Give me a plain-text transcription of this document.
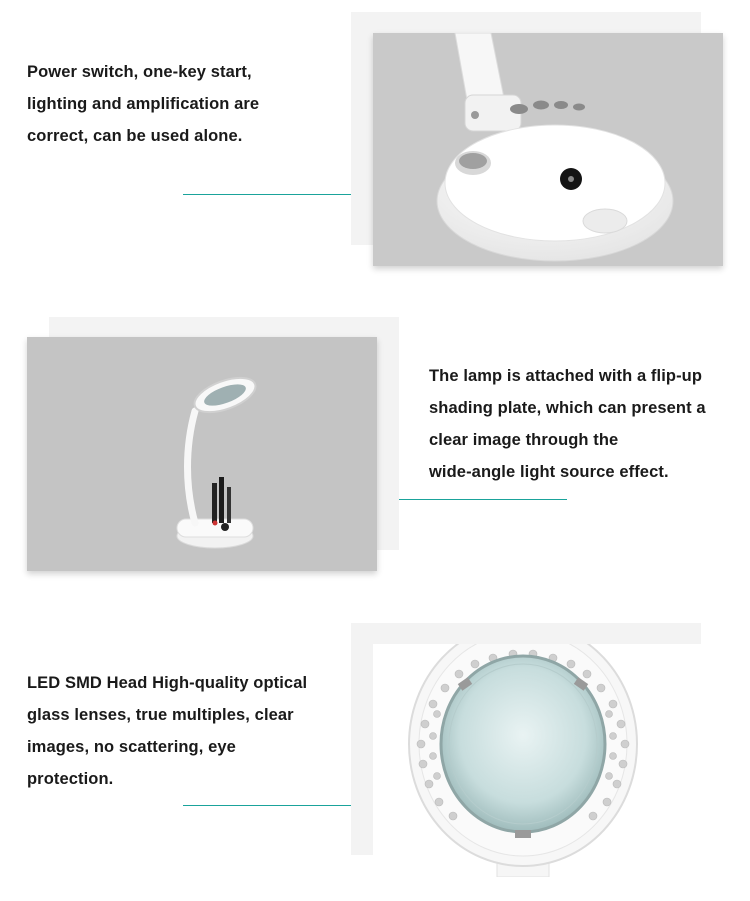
Power switch, one-key start,
lighting and amplification are
correct, can be used alone.
The lamp is attached with a flip-up
shading plate, which can present a
clear image through the
wide-angle light source effect.
LED SMD Head High-quality optical
glass lenses, true multiples, clear
images, no scattering, eye
protection.
